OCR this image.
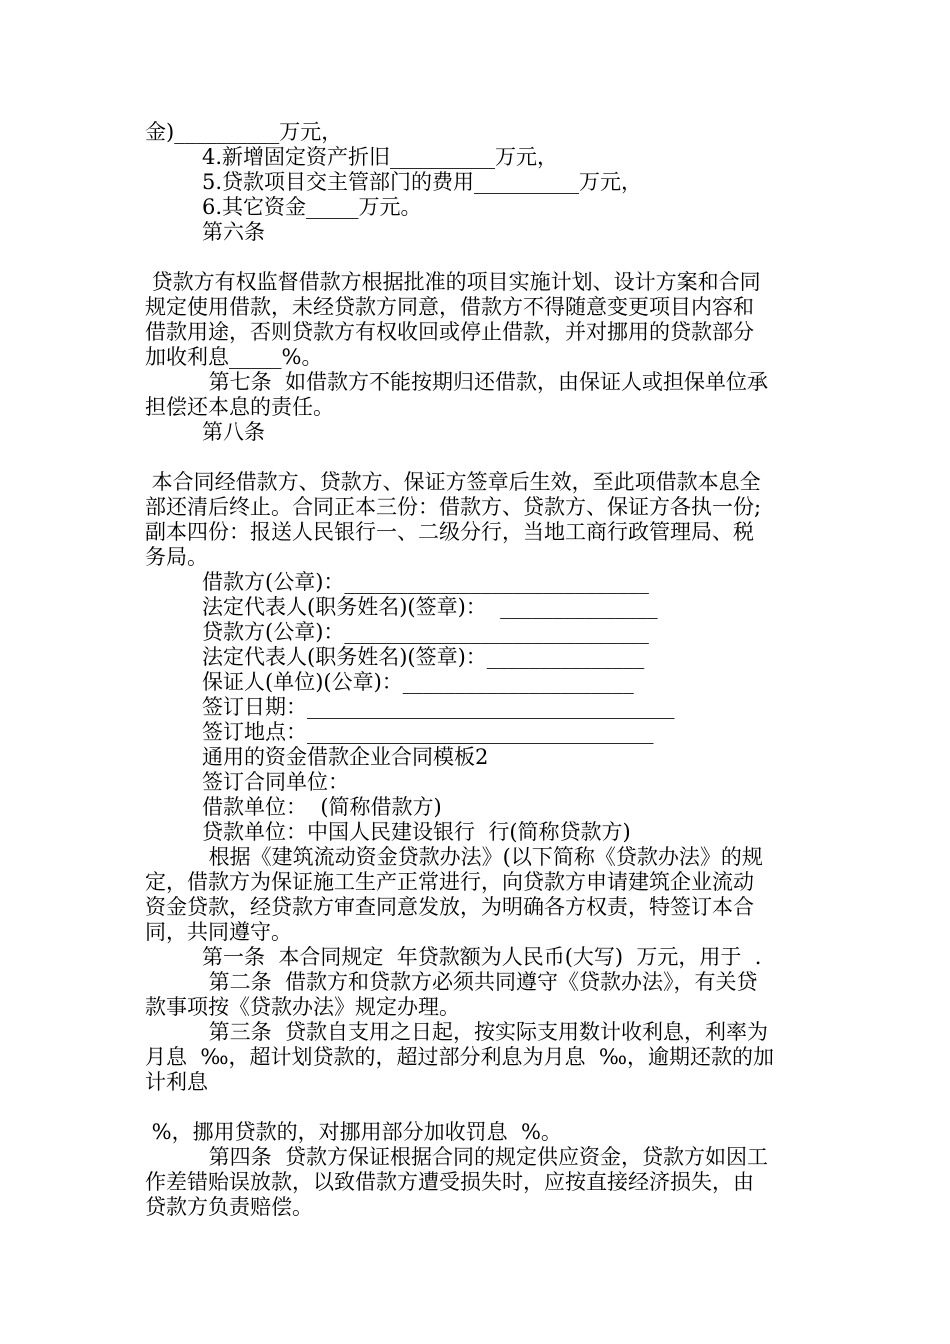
金)__________万元，
4.新增固定资产折旧__________万元，
5.贷款项目交主管部门的费用__________万元，
6.其它资金_____万元。
第六条
贷款方有权监督借款方根据批准的项目实施计划、设计方案和合同
规定使用借款，未经贷款方同意，借款方不得随意变更项目内容和
借款用途，否则贷款方有权收回或停止借款，并对挪用的贷款部分
加收利息_____%。
第七条  如借款方不能按期归还借款，由保证人或担保单位承
担偿还本息的责任。
第八条
本合同经借款方、贷款方、保证方签章后生效，至此项借款本息全
部还清后终止。合同正本三份：借款方、贷款方、保证方各执一份;
副本四份：报送人民银行一、二级分行，当地工商行政管理局、税
务局。
借款方(公章)：_____________________________
法定代表人(职务姓名)(签章)：  _______________
贷款方(公章)：_____________________________
法定代表人(职务姓名)(签章)：_______________
保证人(单位)(公章)：______________________
签订日期：___________________________________
签订地点：_________________________________
通用的资金借款企业合同模板2
签订合同单位：
借款单位：  (简称借款方)
贷款单位：中国人民建设银行  行(简称贷款方)
根据《建筑流动资金贷款办法》(以下简称《贷款办法》的规
定，借款方为保证施工生产正常进行，向贷款方申请建筑企业流动
资金贷款，经贷款方审查同意发放，为明确各方权责，特签订本合
同，共同遵守。
第一条  本合同规定  年贷款额为人民币(大写)  万元，用于  .
第二条  借款方和贷款方必须共同遵守《贷款办法》，有关贷
款事项按《贷款办法》规定办理。
第三条  贷款自支用之日起，按实际支用数计收利息，利率为
月息  ‰，超计划贷款的，超过部分利息为月息  ‰，逾期还款的加
计利息
%，挪用贷款的，对挪用部分加收罚息  %。
第四条  贷款方保证根据合同的规定供应资金，贷款方如因工
作差错贻误放款，以致借款方遭受损失时，应按直接经济损失，由
贷款方负责赔偿。
